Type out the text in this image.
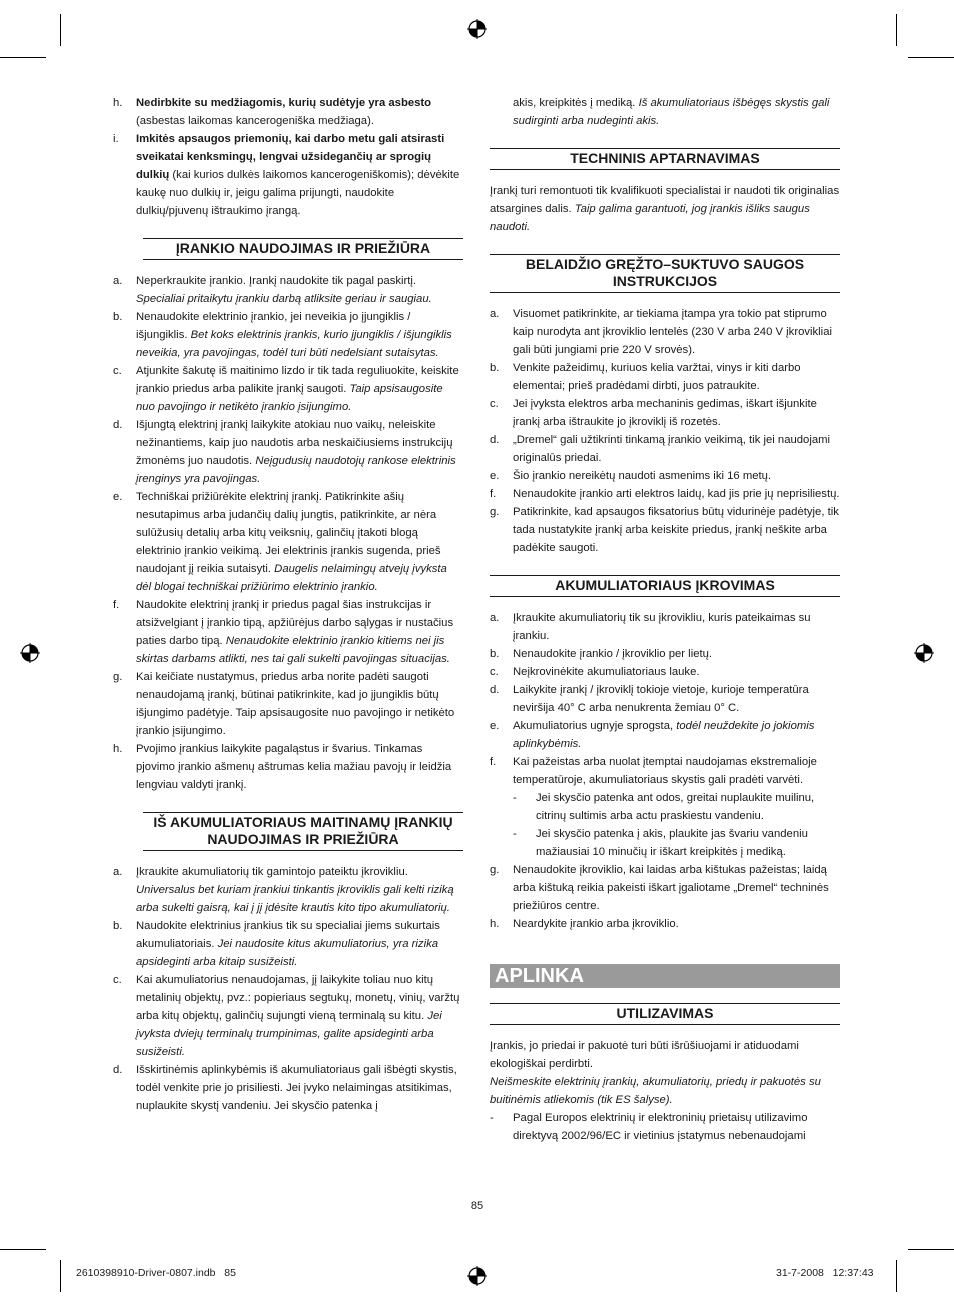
h.	Nedirbkite su medžiagomis, kurių sudėtyje yra asbesto (asbestas laikomas kancerogeniška medžiaga).
i.	Imkitės apsaugos priemonių, kai darbo metu gali atsirasti sveikatai kenksmingų, lengvai užsidegančių ar sprogių dulkių (kai kurios dulkės laikomos kancerogeniškomis); dėvėkite kaukę nuo dulkių ir, jeigu galima prijungti, naudokite dulkių/pjuvenų ištraukimo įrangą.
ĮRANKIO NAUDOJIMAS IR PRIEŽIŪRA
a.	Neperkraukite įrankio. Įrankį naudokite tik pagal paskirtį. Specialiai pritaikytu įrankiu darbą atliksite geriau ir saugiau.
b.	Nenaudokite elektrinio įrankio, jei neveikia jo įjungiklis / išjungiklis. Bet koks elektrinis įrankis, kurio įjungiklis / išjungiklis neveikia, yra pavojingas, todėl turi būti nedelsiant sutaisytas.
c.	Atjunkite šakutę iš maitinimo lizdo ir tik tada reguliuokite, keiskite įrankio priedus arba palikite įrankį saugoti. Taip apsisaugosite nuo pavojingo ir netikėto įrankio įsijungimo.
d.	Išjungtą elektrinį įrankį laikykite atokiau nuo vaikų, neleiskite nežinantiems, kaip juo naudotis arba neskaičiusiems instrukcijų žmonėms juo naudotis. Neįgudusių naudotojų rankose elektrinis įrenginys yra pavojingas.
e.	Techniškai prižiūrėkite elektrinį įrankį. Patikrinkite ašių nesutapimus arba judančių dalių jungtis, patikrinkite, ar nėra sulūžusių detalių arba kitų veiksnių, galinčių įtakoti blogą elektrinio įrankio veikimą. Jei elektrinis įrankis sugenda, prieš naudojant jį reikia sutaisyti. Daugelis nelaimingų atvejų įvyksta dėl blogai techniškai prižiūrimo elektrinio įrankio.
f.	Naudokite elektrinį įrankį ir priedus pagal šias instrukcijas ir atsižvelgiant į įrankio tipą, apžiūrėjus darbo sąlygas ir nustačius paties darbo tipą. Nenaudokite elektrinio įrankio kitiems nei jis skirtas darbams atlikti, nes tai gali sukelti pavojingas situacijas.
g.	Kai keičiate nustatymus, priedus arba norite padėti saugoti nenaudojamą įrankį, būtinai patikrinkite, kad jo įjungiklis būtų išjungimo padėtyje. Taip apsisaugosite nuo pavojingo ir netikėto įrankio įsijungimo.
h.	Pvojimo įrankius laikykite pagaląstus ir švarius. Tinkamas pjovimo įrankio ašmenų aštrumas kelia mažiau pavojų ir leidžia lengviau valdyti įrankį.
IŠ AKUMULIATORIAUS MAITINAMŲ ĮRANKIŲ NAUDOJIMAS IR PRIEŽIŪRA
a.	Įkraukite akumuliatorių tik gamintojo pateiktu įkrovikliu. Universalus bet kuriam įrankiui tinkantis įkroviklis gali kelti riziką arba sukelti gaisrą, kai į jį įdėsite krautis kito tipo akumuliatorių.
b.	Naudokite elektrinius įrankius tik su specialiai jiems sukurtais akumuliatoriais. Jei naudosite kitus akumuliatorius, yra rizika apsideginti arba kitaip susižeisti.
c.	Kai akumuliatorius nenaudojamas, jį laikykite toliau nuo kitų metalinių objektų, pvz.: popieriaus segtukų, monetų, vinių, varžtų arba kitų objektų, galinčių sujungti vieną terminalą su kitu. Jei įvyksta dviejų terminalų trumpinimas, galite apsideginti arba susižeisti.
d.	Išskirtinėmis aplinkybėmis iš akumuliatoriaus gali išbėgti skystis, todėl venkite prie jo prisiliesti. Jei įvyko nelaimingas atsitikimas, nuplaukite skystį vandeniu. Jei skysčio patenka į
akis, kreipkitės į mediką. Iš akumuliatoriaus išbėgęs skystis gali sudirginti arba nudeginti akis.
TECHNINIS APTARNAVIMAS
Įrankį turi remontuoti tik kvalifikuoti specialistai ir naudoti tik originalias atsargines dalis. Taip galima garantuoti, jog įrankis išliks saugus naudoti.
BELAIDŽIO GRĘŽTO–SUKTUVO SAUGOS INSTRUKCIJOS
a.	Visuomet patikrinkite, ar tiekiama įtampa yra tokio pat stiprumo kaip nurodyta ant įkroviklio lentelės (230 V arba 240 V įkrovikliai gali būti jungiami prie 220 V srovės).
b.	Venkite pažeidimų, kuriuos kelia varžtai, vinys ir kiti darbo elementai; prieš pradėdami dirbti, juos patraukite.
c.	Jei įvyksta elektros arba mechaninis gedimas, iškart išjunkite įrankį arba ištraukite jo įkroviklį iš rozetės.
d.	„Dremel“ gali užtikrinti tinkamą įrankio veikimą, tik jei naudojami originalūs priedai.
e.	Šio įrankio nereikėtų naudoti asmenims iki 16 metų.
f.	Nenaudokite įrankio arti elektros laidų, kad jis prie jų neprisiliestų.
g.	Patikrinkite, kad apsaugos fiksatorius būtų vidurinėje padėtyje, tik tada nustatykite įrankį arba keiskite priedus, įrankį neškite arba padėkite saugoti.
AKUMULIATORIAUS ĮKROVIMAS
a.	Įkraukite akumuliatorių tik su įkrovikliu, kuris pateikaimas su įrankiu.
b.	Nenaudokite įrankio / įkroviklio per lietų.
c.	Neįkrovinėkite akumuliatoriaus lauke.
d.	Laikykite įrankį / įkroviklį tokioje vietoje, kurioje temperatūra neviršija 40° C arba nenukrenta žemiau 0° C.
e.	Akumuliatorius ugnyje sprogsta, todėl neuždekite jo jokiomis aplinkybėmis.
f.	Kai pažeistas arba nuolat įtemptai naudojamas ekstremalioje temperatūroje, akumuliatoriaus skystis gali pradėti varvėti.
-	Jei skysčio patenka ant odos, greitai nuplaukite muilinu, citrinų sultimis arba actu praskiestu vandeniu.
-	Jei skysčio patenka į akis, plaukite jas švariu vandeniu mažiausiai 10 minučių ir iškart kreipkitės į mediką.
g.	Nenaudokite įkroviklio, kai laidas arba kištukas pažeistas; laidą arba kištuką reikia pakeisti iškart įgaliotame „Dremel“ techninės priežiūros centre.
h.	Neardykite įrankio arba įkroviklio.
APLINKA
UTILIZAVIMAS
Įrankis, jo priedai ir pakuotė turi būti išrūšiuojami ir atiduodami ekologiškai perdirbti.
Neišmeskite elektrinių įrankių, akumuliatorių, priedų ir pakuotės su buitinėmis atliekomis (tik ES šalyse).
-	Pagal Europos elektrinių ir elektroninių prietaisų utilizavimo direktyvą 2002/96/EC ir vietinius įstatymus nebenaudojami
85
2610398910-Driver-0807.indb   85	31-7-2008   12:37:43
